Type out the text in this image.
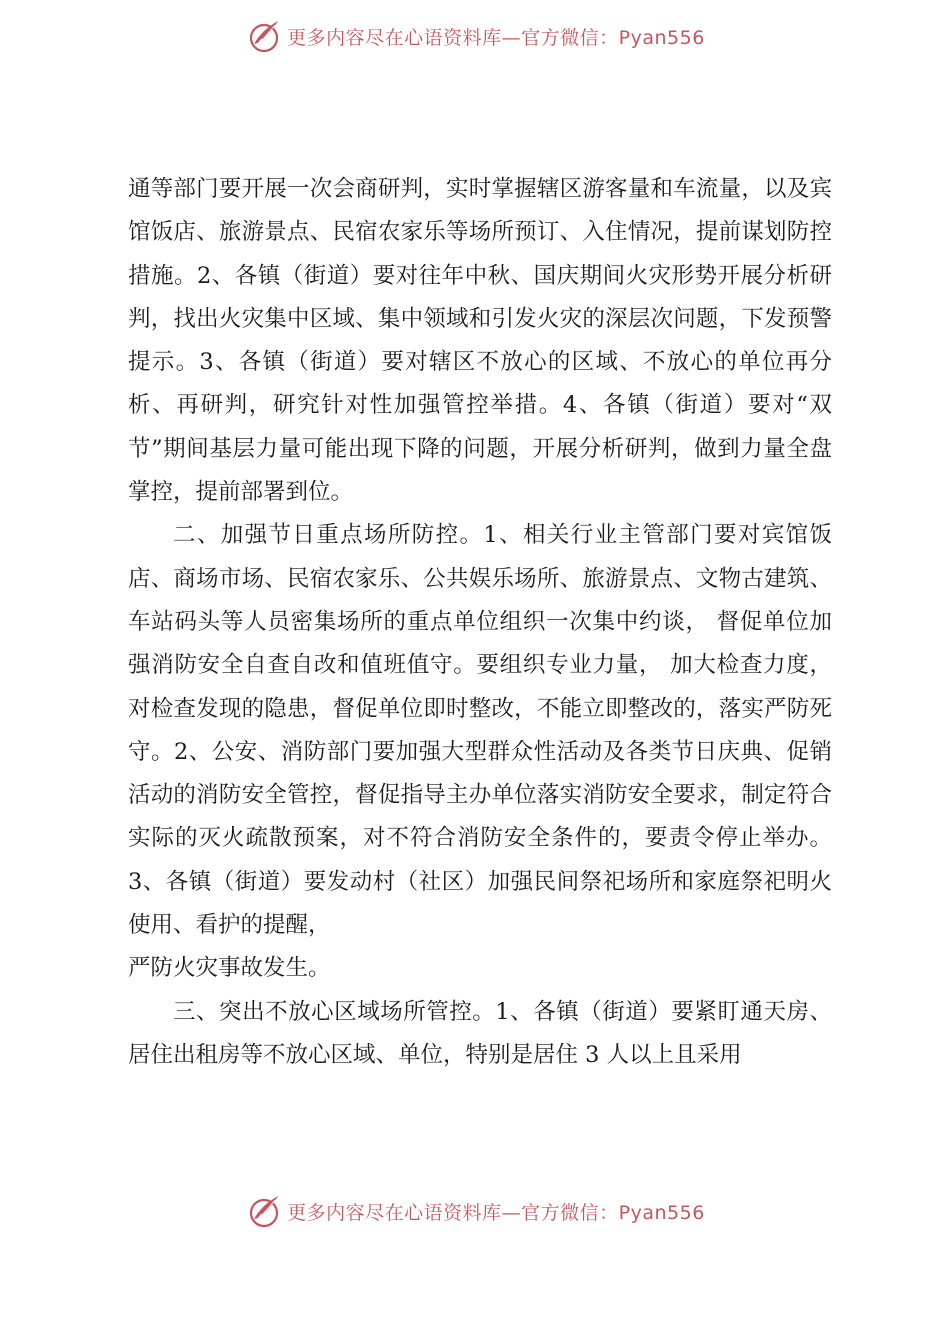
更多内容尽在心语资料库—官方微信：Pyan556

通等部门要开展一次会商研判，实时掌握辖区游客量和车流量，以及宾馆饭店、旅游景点、民宿农家乐等场所预订、入住情况，提前谋划防控措施。2、各镇（街道）要对往年中秋、国庆期间火灾形势开展分析研判，找出火灾集中区域、集中领域和引发火灾的深层次问题，下发预警提示。3、各镇（街道）要对辖区不放心的区域、不放心的单位再分析、再研判，研究针对性加强管控举措。4、各镇（街道）要对“双节”期间基层力量可能出现下降的问题，开展分析研判，做到力量全盘掌控，提前部署到位。

二、加强节日重点场所防控。1、相关行业主管部门要对宾馆饭店、商场市场、民宿农家乐、公共娱乐场所、旅游景点、文物古建筑、车站码头等人员密集场所的重点单位组织一次集中约谈， 督促单位加强消防安全自查自改和值班值守。要组织专业力量， 加大检查力度，对检查发现的隐患，督促单位即时整改，不能立即整改的，落实严防死守。2、公安、消防部门要加强大型群众性活动及各类节日庆典、促销活动的消防安全管控，督促指导主办单位落实消防安全要求，制定符合实际的灭火疏散预案，对不符合消防安全条件的，要责令停止举办。3、各镇（街道）要发动村（社区）加强民间祭祀场所和家庭祭祀明火使用、看护的提醒，

严防火灾事故发生。

三、突出不放心区域场所管控。1、各镇（街道）要紧盯通天房、居住出租房等不放心区域、单位，特别是居住 3 人以上且采用

更多内容尽在心语资料库—官方微信：Pyan556
